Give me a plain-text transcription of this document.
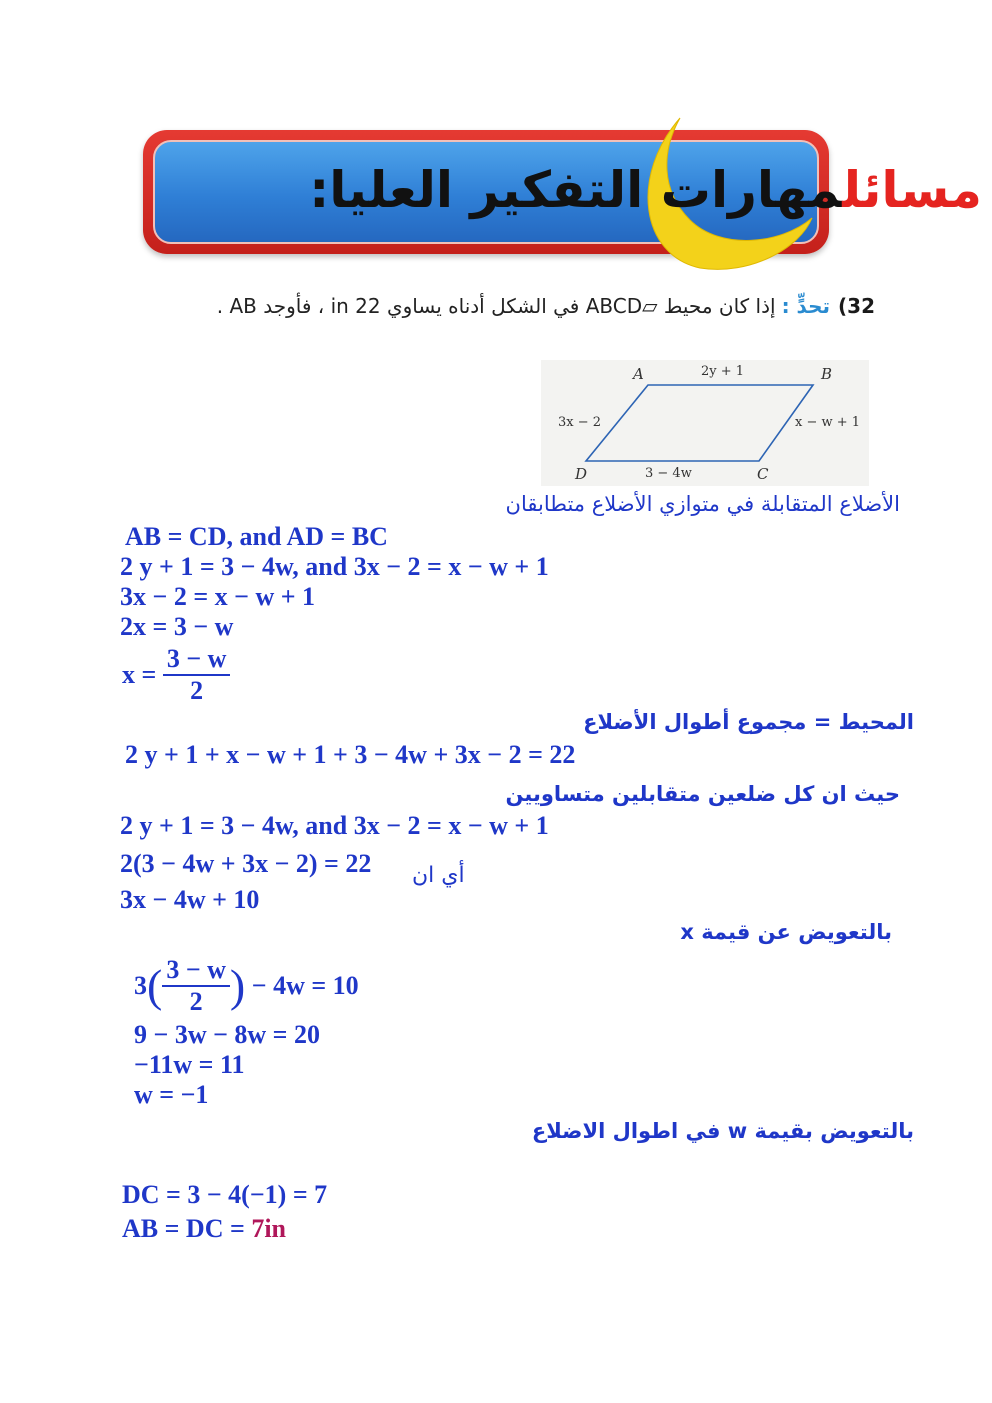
مسائلمهارات التفكير العليا:
32)تحدٍّ :إذا كان محيط ▱ABCD في الشكل أدناه يساوي 22 in ، فأوجد AB .
A	B
C
D
2y + 1
3x − 2	x − w + 1
3 − 4w
الأضلاع المتقابلة في متوازي الأضلاع متطابقان
AB = CD, and AD = BC
2 y + 1 = 3 − 4w, and 3x − 2 = x − w + 1
3x − 2 = x − w + 1
2x = 3 − w
$x = \frac{3 - w}{2}$
المحيط = مجموع أطوال الأضلاع
2 y + 1 + x − w + 1 + 3 − 4w + 3x − 2 = 22
حيث ان كل ضلعين متقابلين متساويين
2 y + 1 = 3 − 4w, and 3x − 2 = x − w + 1
2(3 − 4w + 3x − 2) = 22 أي ان
3x − 4w + 10
بالتعويض عن قيمة x
$3( \frac{3 - w}{2}$ ) − 4w = 10
9 − 3w − 8w = 20
−11w = 11
w = −1
بالتعويض بقيمة w في اطوال الاضلاع
DC = 3 − 4(−1) = 7
AB = DC = 7in
